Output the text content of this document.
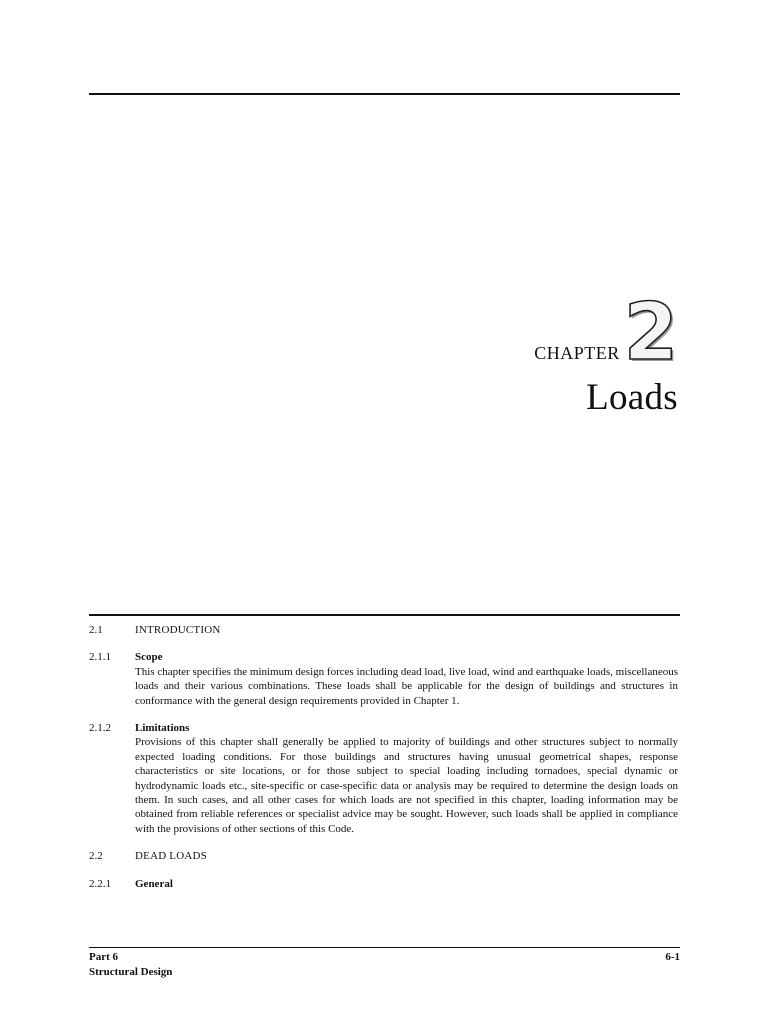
CHAPTER 2
Loads
2.1	INTRODUCTION
2.1.1	Scope
This chapter specifies the minimum design forces including dead load, live load, wind and earthquake loads, miscellaneous loads and their various combinations. These loads shall be applicable for the design of buildings and structures in conformance with the general design requirements provided in Chapter 1.
2.1.2	Limitations
Provisions of this chapter shall generally be applied to majority of buildings and other structures subject to normally expected loading conditions. For those buildings and structures having unusual geometrical shapes, response characteristics or site locations, or for those subject to special loading including tornadoes, special dynamic or hydrodynamic loads etc., site-specific or case-specific data or analysis may be required to determine the design loads on them. In such cases, and all other cases for which loads are not specified in this chapter, loading information may be obtained from reliable references or specialist advice may be sought. However, such loads shall be applied in compliance with the provisions of other sections of this Code.
2.2	DEAD LOADS
2.2.1	General
Part 6
Structural Design
6-1
